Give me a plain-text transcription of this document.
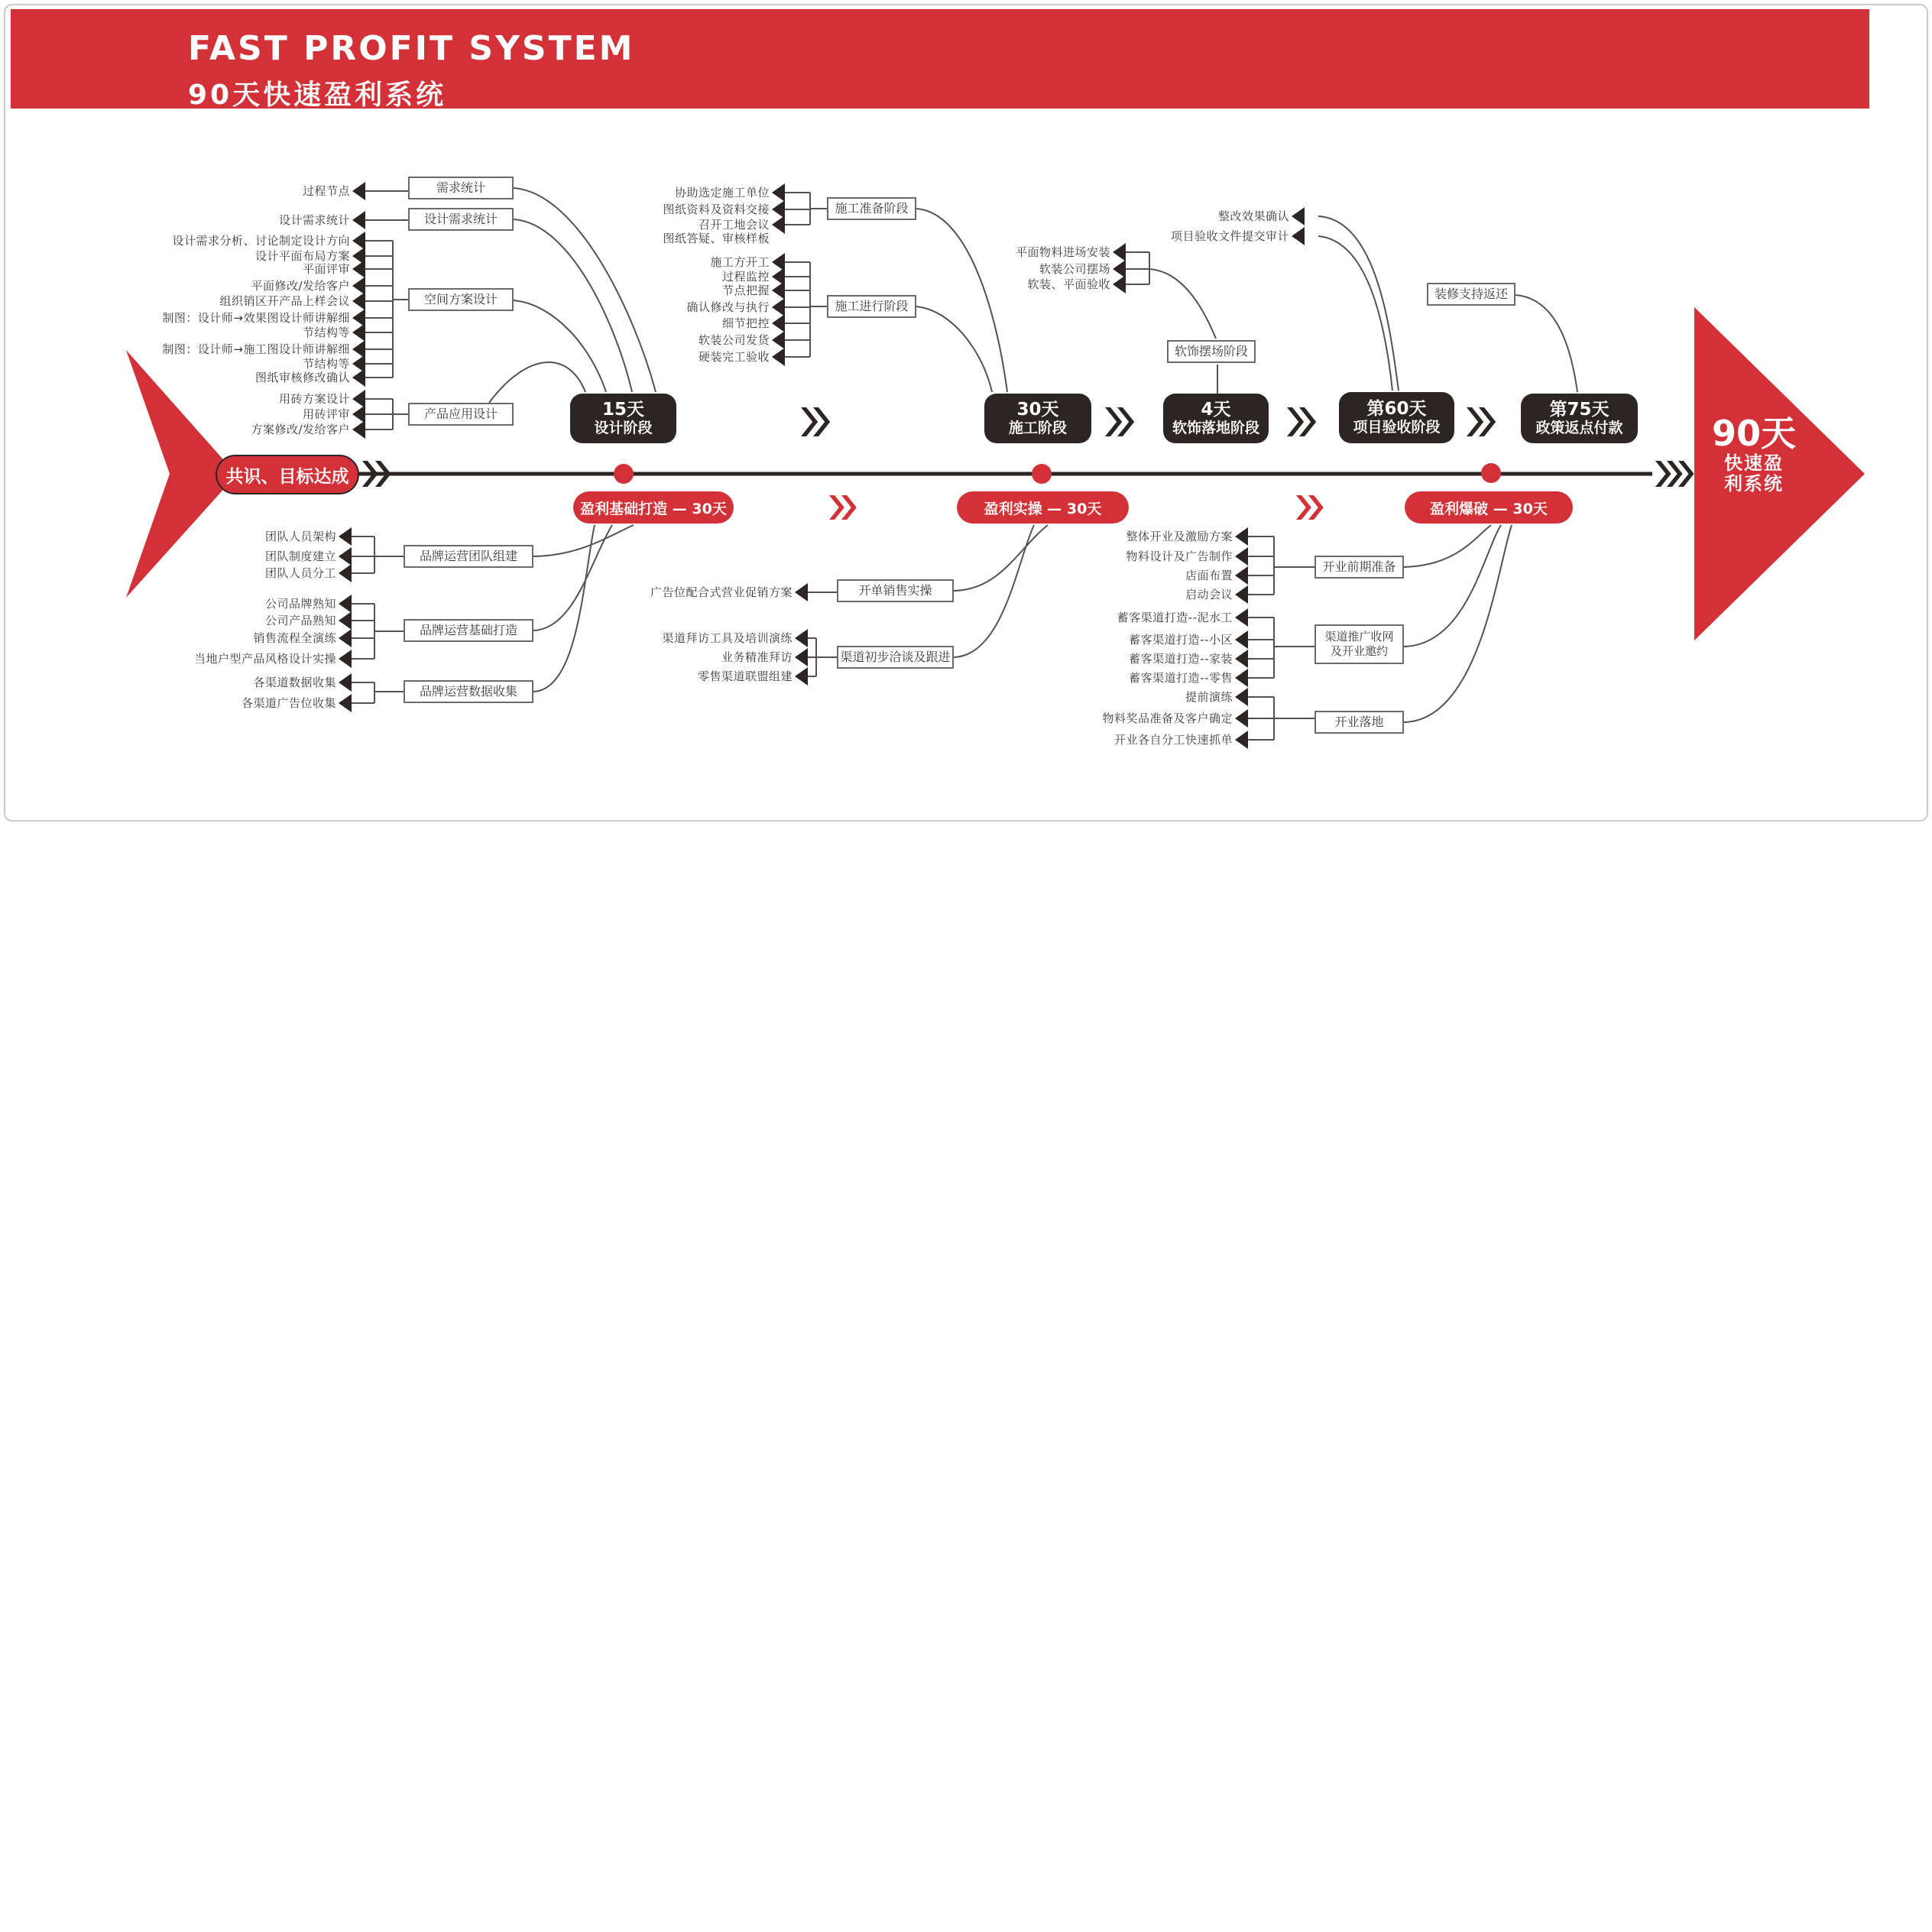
FAST PROFIT SYSTEM
90天快速盈利系统
共识、目标达成
需求统计
设计需求统计
空间方案设计
产品应用设计
品牌运营团队组建
品牌运营基础打造
品牌运营数据收集
施工准备阶段
施工进行阶段
开单销售实操
渠道初步洽谈及跟进
软饰摆场阶段
装修支持返还
开业前期准备
渠道推广收网
及开业邀约
开业落地
15天
设计阶段
30天
施工阶段
4天
软饰落地阶段
第60天
项目验收阶段
第75天
政策返点付款
盈利基础打造 — 30天	盈利实操 — 30天	盈利爆破 — 30天
团队人员架构
团队制度建立
团队人员分工
公司品牌熟知
公司产品熟知
销售流程全演练
当地户型产品风格设计实操
各渠道数据收集
各渠道广告位收集
过程节点
设计需求统计
设计需求分析、讨论制定设计方向
设计平面布局方案
平面评审
平面修改/发给客户
组织销区开产品上样会议
制图：设计师→效果图设计师讲解细
节结构等
制图：设计师→施工图设计师讲解细
节结构等
图纸审核修改确认
用砖方案设计
用砖评审
方案修改/发给客户
协助选定施工单位
图纸资料及资料交接
召开工地会议
图纸答疑、审核样板
施工方开工
过程监控
节点把握
确认修改与执行
细节把控
软装公司发货
硬装完工验收
广告位配合式营业促销方案
渠道拜访工具及培训演练
业务精准拜访
零售渠道联盟组建
平面物料进场安装
软装公司摆场
软装、平面验收
整改效果确认
项目验收文件提交审计
整体开业及激励方案
物料设计及广告制作
店面布置
启动会议
蓄客渠道打造--泥水工
蓄客渠道打造--小区
蓄客渠道打造--家装
蓄客渠道打造--零售
提前演练
物料奖品准备及客户确定
开业各自分工快速抓单
90天
快速盈
利系统
